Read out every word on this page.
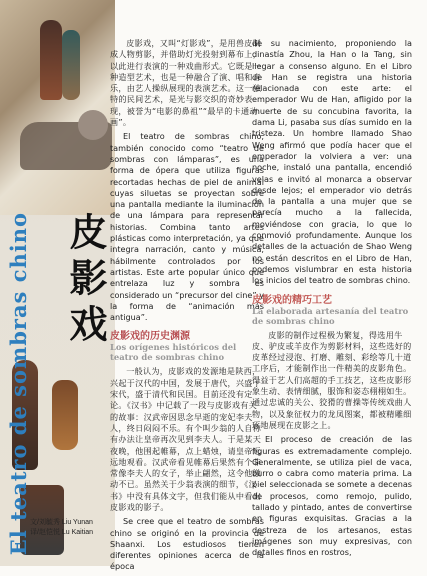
El teatro de sombras chino 皮影戏
文/刘毓秀 Liu Yunan
译/赵恺悦 Lu Kaitian

皮影戏，又叫“灯影戏”，是用兽皮制成人物剪影，并借助灯光投射到幕布上，以此进行表演的一种戏曲形式。它既是一种造型艺术，也是一种融合了演、唱和音乐，由艺人操纵展现的表演艺术。这一独特的民间艺术，是光与影交织的奇妙表现，被誉为“电影的鼻祖”“最早的卡通动画”。

El teatro de sombras chino, también conocido como “teatro de sombras con lámparas”, es una forma de ópera que utiliza figuras recortadas hechas de piel de animal cuyas siluetas se proyectan sobre una pantalla mediante la iluminación de una lámpara para representar historias. Combina tanto artes plásticas como interpretación, ya que integra narración, canto y música, hábilmente controlados por los artistas. Este arte popular único que entrelaza luz y sombra es considerado un “precursor del cine” y la forma de “animación más antigua”.

皮影戏的历史渊源
Los orígenes históricos del teatro de sombras chino

一般认为，皮影戏的发源地是陕西，兴起于汉代的中国，发展于唐代，兴盛于宋代，盛于清代和民国。目前还没有定论。《汉书》中记载了一段与皮影戏有关的故事：汉武帝因思念早逝的宠妃李夫人，终日闷闷不乐。有个叫少翁的人自称有办法让皇帝再次见到李夫人。于是某天夜晚，他围起帷幕，点上蜡烛，请皇帝远远地观看。汉武帝看见帷幕后果然有个非常像李夫人的女子，举止翩然，这令他激动不已。虽然关于少翁表演的细节，《汉书》中没有具体文字，但我们能从中看出皮影戏的影子。

Se cree que el teatro de sombras chino se originó en la provincia de Shaanxi. Los estudiosos tienen diferentes opiniones acerca de la época

de su nacimiento, proponiendo la dinastía Zhou, la Han o la Tang, sin llegar a consenso alguno. En el Libro de Han se registra una historia relacionada con este arte: el emperador Wu de Han, afligido por la muerte de su concubina favorita, la dama Li, pasaba sus días sumido en la tristeza. Un hombre llamado Shao Weng afirmó que podía hacer que el emperador la volviera a ver: una noche, instaló una pantalla, encendió velas e invitó al monarca a observar desde lejos; el emperador vio detrás de la pantalla a una mujer que se parecía mucho a la fallecida, moviéndose con gracia, lo que lo conmovió profundamente. Aunque los detalles de la actuación de Shao Weng no están descritos en el Libro de Han, podemos vislumbrar en esta historia los inicios del teatro de sombras chino.

皮影戏的精巧工艺
La elaborada artesanía del teatro de sombras chino

皮影的制作过程极为繁复，得选用牛皮、驴皮或羊皮作为剪影材料，这些选好的皮革经过浸泡、打磨、雕刻、彩绘等几十道工序后，才能制作出一件精美的皮影角色。得益于艺人们高超的手工技艺，这些皮影形象生动、表情细腻，服饰和姿态栩栩如生。通过忠诚的关公、狡猾的曹操等传统戏曲人物，以及象征权力的龙凤图案，都被精雕细琢地展现在皮影之上。

El proceso de creación de las figuras es extremadamente complejo. Generalmente, se utiliza piel de vaca, burro o cabra como materia prima. La piel seleccionada se somete a decenas de procesos, como remojo, pulido, tallado y pintado, antes de convertirse en figuras exquisitas. Gracias a la destreza de los artesanos, estas imágenes son muy expresivas, con detalles finos en rostros,
